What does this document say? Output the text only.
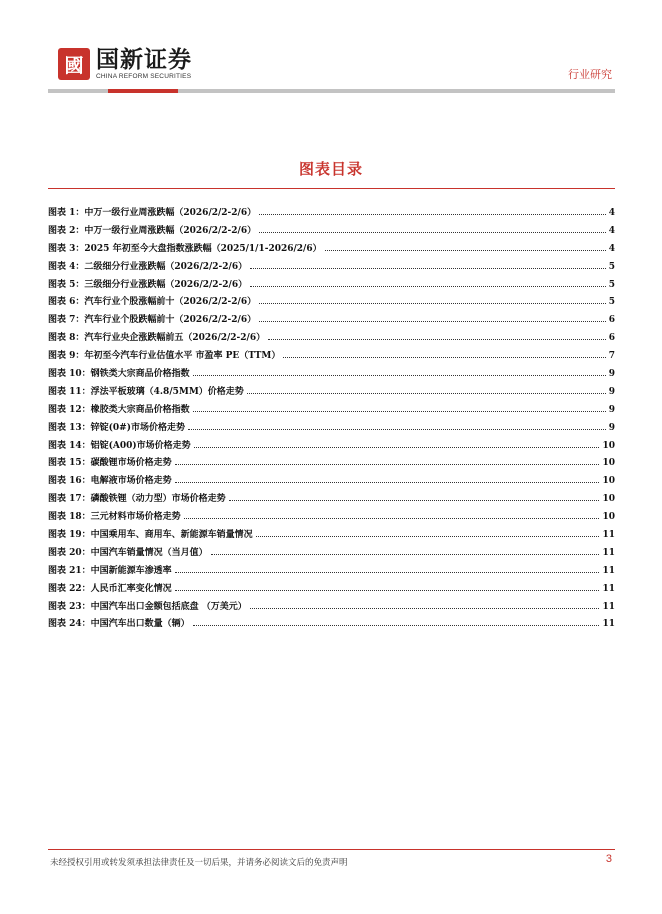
國 国新证券
CHINA REFORM SECURITIES	行业研究
图表目录
图表 1：中万一级行业周涨跌幅（2026/2/2-2/6）	4
图表 2：中万一级行业周涨跌幅（2026/2/2-2/6）	4
图表 3：2025 年初至今大盘指数涨跌幅（2025/1/1-2026/2/6）	4
图表 4：二级细分行业涨跌幅（2026/2/2-2/6）	5
图表 5：三级细分行业涨跌幅（2026/2/2-2/6）	5
图表 6：汽车行业个股涨幅前十（2026/2/2-2/6）	5
图表 7：汽车行业个股跌幅前十（2026/2/2-2/6）	6
图表 8：汽车行业央企涨跌幅前五（2026/2/2-2/6）	6
图表 9：年初至今汽车行业估值水平 市盈率 PE（TTM）	7
图表 10：钢铁类大宗商品价格指数	9
图表 11：浮法平板玻璃（4.8/5MM）价格走势	9
图表 12：橡胶类大宗商品价格指数	9
图表 13：锌锭(0#)市场价格走势	9
图表 14：铝锭(A00)市场价格走势	10
图表 15：碳酸锂市场价格走势	10
图表 16：电解液市场价格走势	10
图表 17：磷酸铁锂（动力型）市场价格走势	10
图表 18：三元材料市场价格走势	10
图表 19：中国乘用车、商用车、新能源车销量情况	11
图表 20：中国汽车销量情况（当月值）	11
图表 21：中国新能源车渗透率	11
图表 22：人民币汇率变化情况	11
图表 23：中国汽车出口金额包括底盘 （万美元）	11
图表 24：中国汽车出口数量（辆）	11
未经授权引用或转发须承担法律责任及一切后果，并请务必阅读文后的免责声明	3
